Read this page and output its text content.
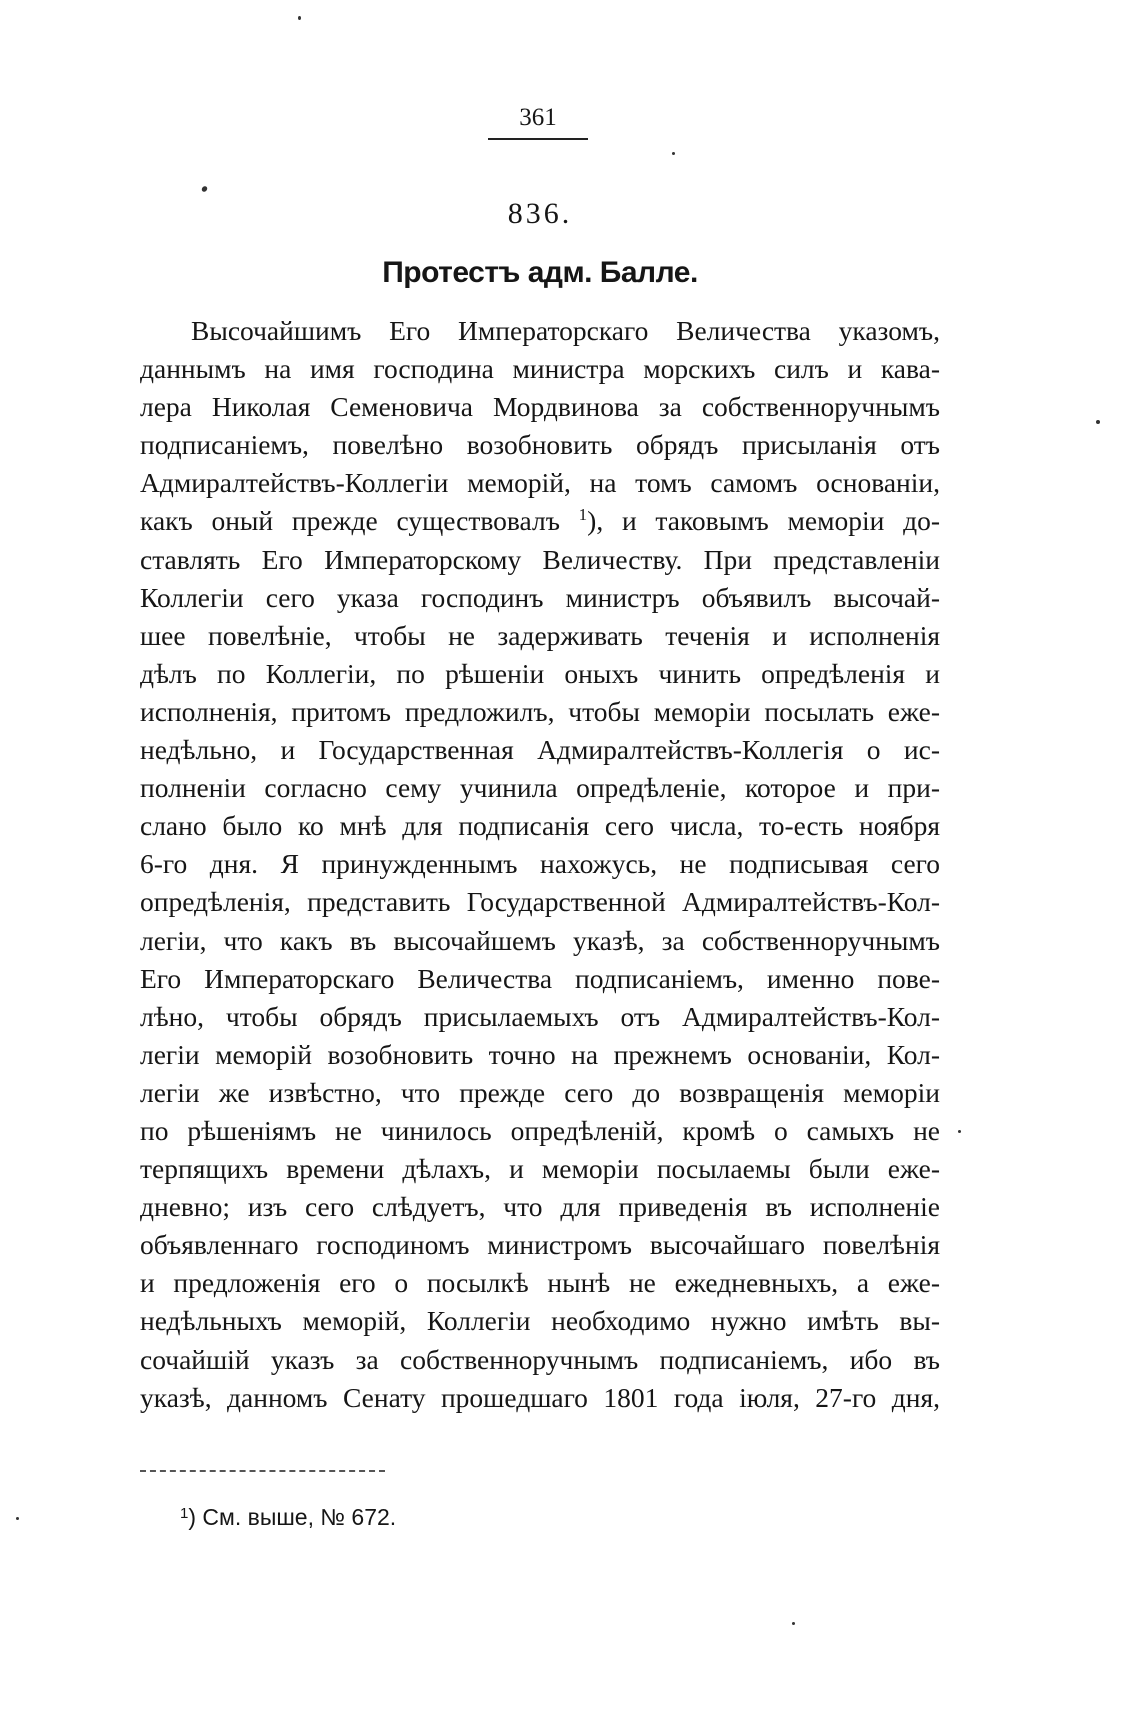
361
836.
Протестъ адм. Балле.
Высочайшимъ Его Императорскаго Величества указомъ,
даннымъ на имя господина министра морскихъ силъ и кава-
лера Николая Семеновича Мордвинова за собственноручнымъ
подписаніемъ, повелѣно возобновить обрядъ присыланія отъ
Адмиралтействъ-Коллегіи меморій, на томъ самомъ основаніи,
какъ оный прежде существовалъ $^1$), и таковымъ меморіи до-
ставлять Его Императорскому Величеству. При представленіи
Коллегіи сего указа господинъ министръ объявилъ высочай-
шее повелѣніе, чтобы не задерживать теченія и исполненія
дѣлъ по Коллегіи, по рѣшеніи оныхъ чинить опредѣленія и
исполненія, притомъ предложилъ, чтобы меморіи посылать еже-
недѣльно, и Государственная Адмиралтействъ-Коллегія о ис-
полненіи согласно сему учинила опредѣленіе, которое и при-
слано было ко мнѣ для подписанія сего числа, то-есть ноября
6-го дня. Я принужденнымъ нахожусь, не подписывая сего
опредѣленія, представить Государственной Адмиралтействъ-Кол-
легіи, что какъ въ высочайшемъ указѣ, за собственноручнымъ
Его Императорскаго Величества подписаніемъ, именно пове-
лѣно, чтобы обрядъ присылаемыхъ отъ Адмиралтействъ-Кол-
легіи меморій возобновить точно на прежнемъ основаніи, Кол-
легіи же извѣстно, что прежде сего до возвращенія меморіи
по рѣшеніямъ не чинилось опредѣленій, кромѣ о самыхъ не
терпящихъ времени дѣлахъ, и меморіи посылаемы были еже-
дневно; изъ сего слѣдуетъ, что для приведенія въ исполненіе
объявленнаго господиномъ министромъ высочайшаго повелѣнія
и предложенія его о посылкѣ нынѣ не ежедневныхъ, а еже-
недѣльныхъ меморій, Коллегіи необходимо нужно имѣть вы-
сочайшій указъ за собственноручнымъ подписаніемъ, ибо въ
указѣ, данномъ Сенату прошедшаго 1801 года іюля, 27-го дня,
$^1$) См. выше, № 672.
